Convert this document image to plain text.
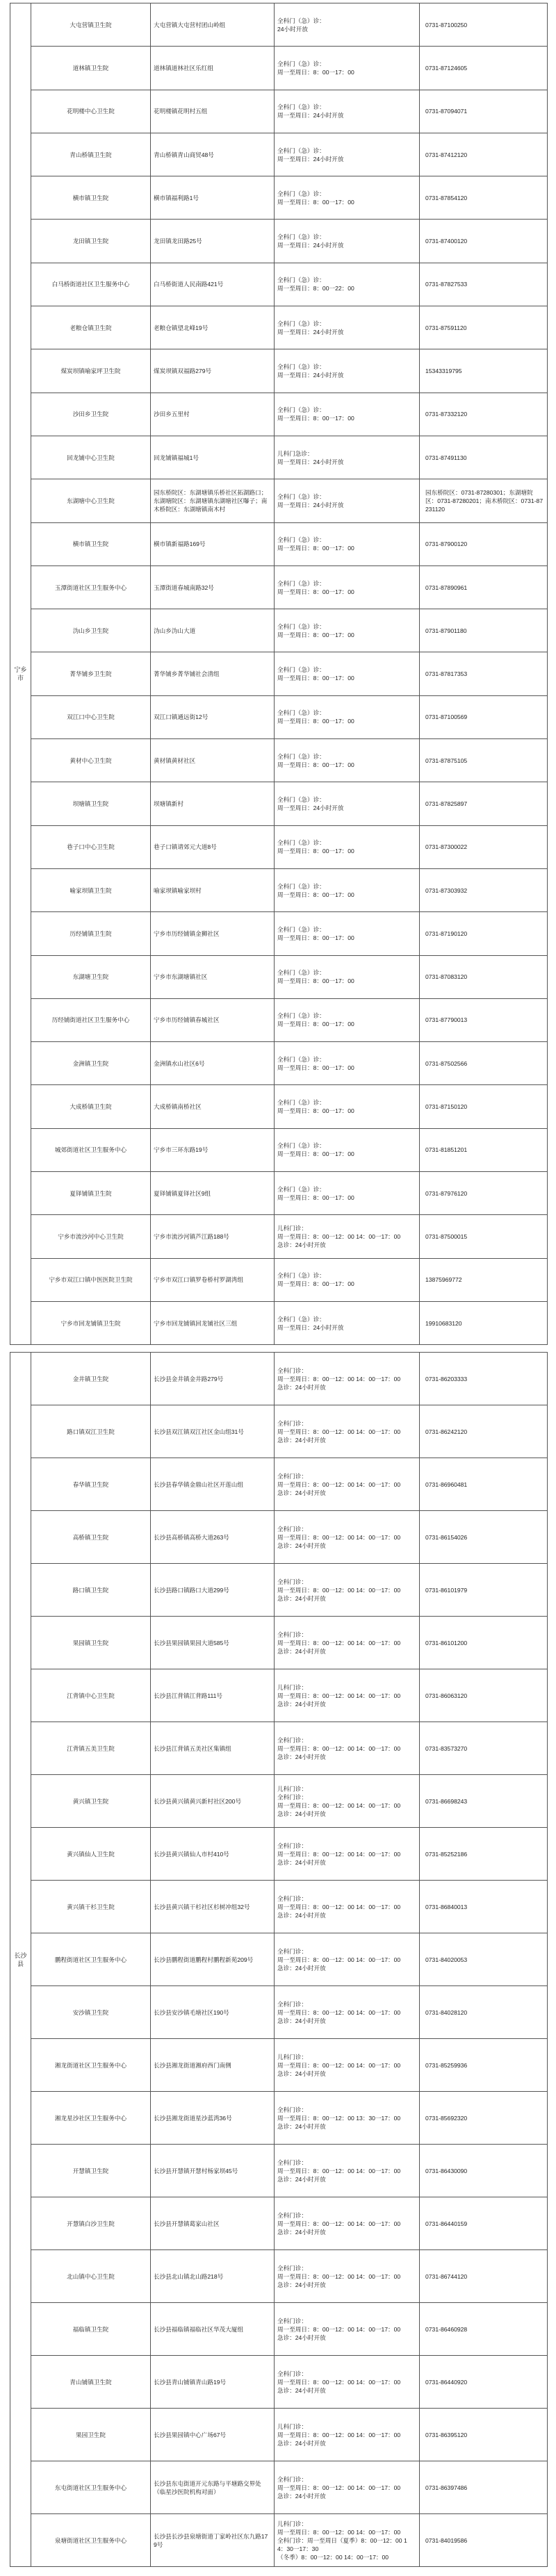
宁乡市	大屯营镇卫生院	大屯营镇大屯营村团山岭组	全科门（急）诊：
24小时开放	0731-87100250
	道林镇卫生院	道林镇道林社区乐红组	全科门（急）诊：
周一至周日：8：00一17：00	0731-87124605
	花明楼中心卫生院	花明楼镇花明村五组	全科门（急）诊：
周一至周日：24小时开放	0731-87094071
	青山桥镇卫生院	青山桥镇青山商贸48号	全科门（急）诊：
周一至周日：24小时开放	0731-87412120
	横市镇卫生院	横市镇福利路1号	全科门（急）诊：
周一至周日：8：00一17：00	0731-87854120
	龙田镇卫生院	龙田镇龙田路25号	全科门（急）诊：
周一至周日：24小时开放	0731-87400120
	白马桥街道社区卫生服务中心	白马桥街道人民南路421号	全科门（急）诊：
周一至周日：8：00一22：00	0731-87827533
	老粮仓镇卫生院	老粮仓镇望北峰19号	全科门（急）诊：
周一至周日：24小时开放	0731-87591120
	煤炭坝镇喻家坪卫生院	煤炭坝镇双福路279号	全科门（急）诊：
周一至周日：24小时开放	15343319795
	沙田乡卫生院	沙田乡五里村	全科门（急）诊：
周一至周日：8：00一17：00	0731-87332120
	回龙铺中心卫生院	回龙铺镇福城1号	儿科门急诊：
周一至周日：24小时开放	0731-87491130
	东湖塘中心卫生院	园东桥院区：东湖塘镇乐桥社区拓湖路口；东湖塘院区：东湖塘镇东湖塘社区曝子；南木桥院区：东湖塘镇南木村	全科门（急）诊：
周一至周日：24小时开放	园东桥院区：0731-87280301；东湖塘院区：0731-87280201；南木桥院区：0731-87231120
	横市镇卫生院	横市镇新福路169号	全科门（急）诊：
周一至周日：8：00一17：00	0731-87900120
	玉潭街道社区卫生服务中心	玉潭街道春城南路32号	全科门（急）诊：
周一至周日：8：00一17：00	0731-87890961
	沩山乡卫生院	沩山乡沩山大道	全科门（急）诊：
周一至周日：8：00一17：00	0731-87901180
	菁华铺乡卫生院	菁华铺乡菁华铺社会清组	全科门（急）诊：
周一至周日：8：00一17：00	0731-87817353
	双江口中心卫生院	双江口镇通远街12号	全科门（急）诊：
周一至周日：8：00一17：00	0731-87100569
	黄材中心卫生院	黄材镇黄材社区	全科门（急）诊：
周一至周日：8：00一17：00	0731-87875105
	坝塘镇卫生院	坝塘镇新村	全科门（急）诊：
周一至周日：24小时开放	0731-87825897
	巷子口中心卫生院	巷子口镇请郊元大道8号	全科门（急）诊：
周一至周日：8：00一17：00	0731-87300022
	喻家坝镇卫生院	喻家坝镇喻家坝村	全科门（急）诊：
周一至周日：8：00一17：00	0731-87303932
	历经铺镇卫生院	宁乡市历经铺镇金狮社区	全科门（急）诊：
周一至周日：8：00一17：00	0731-87190120
	东湖塘卫生院	宁乡市东湖塘镇社区	全科门（急）诊：
周一至周日：8：00一17：00	0731-87083120
	历经铺街道社区卫生服务中心	宁乡市历经铺镇春城社区	全科门（急）诊：
周一至周日：8：00一17：00	0731-87790013
	金洲镇卫生院	金洲镇水山社区6号	全科门（急）诊：
周一至周日：8：00一17：00	0731-87502566
	大成桥镇卫生院	大成桥镇南桥社区	全科门（急）诊：
周一至周日：8：00一17：00	0731-87150120
	城郊街道社区卫生服务中心	宁乡市三环东路19号	全科门（急）诊：
周一至周日：8：00一17：00	0731-81851201
	夏铎铺镇卫生院	夏铎铺镇夏铎社区9组	全科门（急）诊：
周一至周日：8：00一17：00	0731-87976120
	宁乡市流沙河中心卫生院	宁乡市流沙河镇芦江路188号	儿科门诊：
周一至周日：8：00一12：00 14：00一17：00
急诊：24小时开放	0731-87500015
	宁乡市双江口镇中医医院卫生院	宁乡市双江口镇罗卷桥村罗湖湾组	全科门（急）诊：
周一至周日：8：00一17：00	13875969772
	宁乡市回龙铺镇卫生院	宁乡市回龙铺镇回龙铺社区三组	全科门（急）诊：
周一至周日：24小时开放	19910683120
长沙县	金井镇卫生院	长沙县金井镇金井路279号	全科门诊：
周一至周日：8：00一12：00 14：00一17：00
急诊：24小时开放	0731-86203333
	路口镇双江卫生院	长沙县双江镇双江社区金山组31号	全科门诊：
周一至周日：8：00一12：00 14：00一17：00
急诊：24小时开放	0731-86242120
	春华镇卫生院	长沙县春华镇金鼎山社区开莲山组	全科门诊：
周一至周日：8：00一12：00 14：00一17：00
急诊：24小时开放	0731-86960481
	高桥镇卫生院	长沙县高桥镇高桥大道263号	全科门诊：
周一至周日：8：00一12：00 14：00一17：00
急诊：24小时开放	0731-86154026
	路口镇卫生院	长沙县路口镇路口大道299号	全科门诊：
周一至周日：8：00一12：00 14：00一17：00
急诊：24小时开放	0731-86101979
	果园镇卫生院	长沙县果园镇果园大道585号	全科门诊：
周一至周日：8：00一12：00 14：00一17：00
急诊：24小时开放	0731-86101200
	江背镇中心卫生院	长沙县江背镇江背路111号	儿科门诊：
周一至周日：8：00一12：00 14：00一17：00
急诊：24小时开放	0731-86063120
	江背镇五美卫生院	长沙县江背镇五美社区集镇组	全科门诊：
周一至周日：8：00一12：00 14：00一17：00
急诊：24小时开放	0731-83573270
	黄兴镇卫生院	长沙县黄兴镇黄兴新村社区200号	儿科门诊：
全科门诊：
周一至周日：8：00一12：00 14：00一17：00
急诊：24小时开放	0731-86698243
	黄兴镇仙人卫生院	长沙县黄兴镇仙人市村410号	全科门诊：
周一至周日：8：00一12：00 14：00一17：00
急诊：24小时开放	0731-85252186
	黄兴镇干杉卫生院	长沙县黄兴镇干杉社区杉树冲组32号	全科门诊：
周一至周日：8：00一12：00 14：00一17：00
急诊：24小时开放	0731-86840013
	鹏程街道社区卫生服务中心	长沙县鹏程街道鹏程村鹏程新苑209号	全科门诊：
周一至周日：8：00一12：00 14：00一17：00
急诊：24小时开放	0731-84020053
	安沙镇卫生院	长沙县安沙镇毛塘社区190号	全科门诊：
周一至周日：8：00一12：00 14：00一17：00
急诊：24小时开放	0731-84028120
	湘龙街道社区卫生服务中心	长沙县湘龙街道湘府西门南侧	儿科门诊：
周一至周日：8：00一12：00 14：00一17：00
急诊：24小时开放	0731-85259936
	湘龙星沙社区卫生服务中心	长沙县湘龙街道星沙蓝湾36号	全科门诊：
周一至周日：8：00一12：00 13：30一17：00
急诊：24小时开放	0731-85692320
	开慧镇卫生院	长沙县开慧镇开慧村杨家坝45号	全科门诊：
周一至周日：8：00一12：00 14：00一17：00
急诊：24小时开放	0731-86430090
	开慧镇白沙卫生院	长沙县开慧镇葛家山社区	全科门诊：
周一至周日：8：00一12：00 14：00一17：00
急诊：24小时开放	0731-86440159
	北山镇中心卫生院	长沙县北山镇北山路218号	全科门诊：
周一至周日：8：00一12：00 14：00一17：00
急诊：24小时开放	0731-86744120
	福临镇卫生院	长沙县福临镇福临社区华茂大厦组	全科门诊：
周一至周日：8：00一12：00 14：00一17：00
急诊：24小时开放	0731-86460928
	青山铺镇卫生院	长沙县青山铺镇青山路19号	全科门诊：
周一至周日：8：00一12：00 14：00一17：00
急诊：24小时开放	0731-86440920
	果园卫生院	长沙县果园镇中心广场67号	儿科门诊：
周一至周日：8：00一12：00 14：00一17：00
急诊：24小时开放	0731-86395120
	东屯街道社区卫生服务中心	长沙县东屯街道开元东路与平塘路交界处（临星沙医院机构对面）	全科门诊：
周一至周日：8：00一12：00 14：00一17：00
急诊：24小时开放	0731-86397486
	泉塘街道社区卫生服务中心	长沙县长沙县泉塘街道丁家岭社区东九路179号	儿科门诊：
周一至周日：8：00一12：00 14：00一17：00
全科门诊：周一至周日（夏季）8：00一12：00 14：30一17：30
（冬季）8：00一12：00 14：00一17：00	0731-84019586
